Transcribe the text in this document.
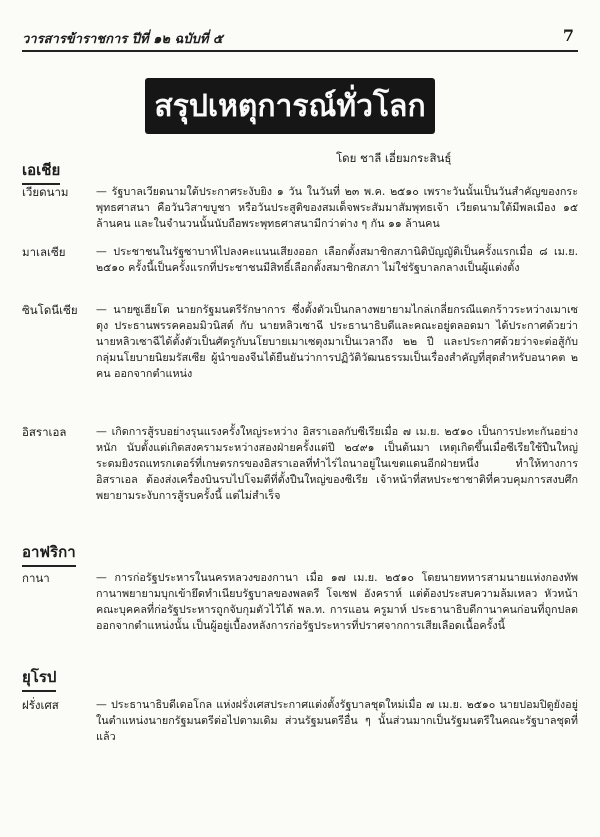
วารสารข้าราชการ ปีที่ ๑๒ ฉบับที่ ๕	7
สรุปเหตุการณ์ทั่วโลก
โดย ชาลี เอี่ยมกระสินธุ์
เอเชีย
เวียดนาม	— รัฐบาลเวียดนามใต้ประกาศระงับยิง ๑ วัน ในวันที่ ๒๓ พ.ค. ๒๕๑๐ เพราะวันนั้นเป็นวันสำคัญของกระพุทธศาสนา คือวันวิสาขบูชา หรือวันประสูติของสมเด็จพระสัมมาสัมพุทธเจ้า เวียดนามใต้มีพลเมือง ๑๕ ล้านคน และในจำนวนนั้นนับถือพระพุทธศาสนามีกว่าต่าง ๆ กัน ๑๑ ล้านคน

มาเลเซีย	— ประชาชนในรัฐซาบาห์ไปลงคะแนนเสียงออก เลือกตั้งสมาชิกสภานิติบัญญัติเป็นครั้งแรกเมื่อ ๘ เม.ย. ๒๕๑๐ ครั้งนี้เป็นครั้งแรกที่ประชาชนมีสิทธิ์เลือกตั้งสมาชิกสภา ไม่ใช่รัฐบาลกลางเป็นผู้แต่งตั้ง

ซินโดนีเซีย	— นายซูเฮียโต นายกรัฐมนตรีรักษาการ ซึ่งตั้งตัวเป็นกลางพยายามไกล่เกลี่ยกรณีแตกร้าวระหว่างเมาเซตุง ประธานพรรคคอมมิวนิสต์ กับ นายหลิวเซาฉี ประธานาธิบดีและคณะอยู่ตลอดมา ได้ประกาศด้วยว่า นายหลิวเซาฉีได้ตั้งตัวเป็นศัตรูกับนโยบายเมาเซตุงมาเป็นเวลาถึง ๒๒ ปี และประกาศด้วยว่าจะต่อสู้กับกลุ่มนโยบายนิยมรัสเซีย ผู้นำของจีนได้ยืนยันว่าการปฏิวัติวัฒนธรรมเป็นเรื่องสำคัญที่สุดสำหรับอนาคต ๒ คน ออกจากตำแหน่ง

อิสราเอล	— เกิดการสู้รบอย่างรุนแรงครั้งใหญ่ระหว่าง อิสราเอลกับซีเรียเมื่อ ๗ เม.ย. ๒๕๑๐ เป็นการปะทะกันอย่างหนัก นับตั้งแต่เกิดสงครามระหว่างสองฝ่ายครั้งแต่ปี ๒๔๙๑ เป็นต้นมา เหตุเกิดขึ้นเมื่อซีเรียใช้ปืนใหญ่ระดมยิงรถแทรกเตอร์ที่เกษตรกรของอิสราเอลที่ทำไร่ไถนาอยู่ในเขตแดนอีกฝ่ายหนึ่ง ทำให้ทางการอิสราเอล ต้องส่งเครื่องบินรบไปโจมตีที่ตั้งปืนใหญ่ของซีเรีย เจ้าหน้าที่สหประชาชาติที่ควบคุมการสงบศึกพยายามระงับการสู้รบครั้งนี้ แต่ไม่สำเร็จ

อาฟริกา
กานา	— การก่อรัฐประหารในนครหลวงของกานา เมื่อ ๑๗ เม.ย. ๒๕๑๐ โดยนายทหารสามนายแห่งกองทัพกานาพยายามบุกเข้ายึดทำเนียบรัฐบาลของพลตรี โจเซฟ อังคราห์ แต่ต้องประสบความล้มเหลว หัวหน้าคณะบุคคลที่ก่อรัฐประหารถูกจับกุมตัวไว้ได้ พล.ท. การแอน ครูมาห์ ประธานาธิบดีกานาคนก่อนที่ถูกปลดออกจากตำแหน่งนั้น เป็นผู้อยู่เบื้องหลังการก่อรัฐประหารที่ปราศจากการเสียเลือดเนื้อครั้งนี้

ยุโรป
ฝรั่งเศส	— ประธานาธิบดีเดอโกล แห่งฝรั่งเศสประกาศแต่งตั้งรัฐบาลชุดใหม่เมื่อ ๗ เม.ย. ๒๕๑๐ นายปอมปิดูยังอยู่ในตำแหน่งนายกรัฐมนตรีต่อไปตามเดิม ส่วนรัฐมนตรีอื่น ๆ นั้นส่วนมากเป็นรัฐมนตรีในคณะรัฐบาลชุดที่แล้ว
